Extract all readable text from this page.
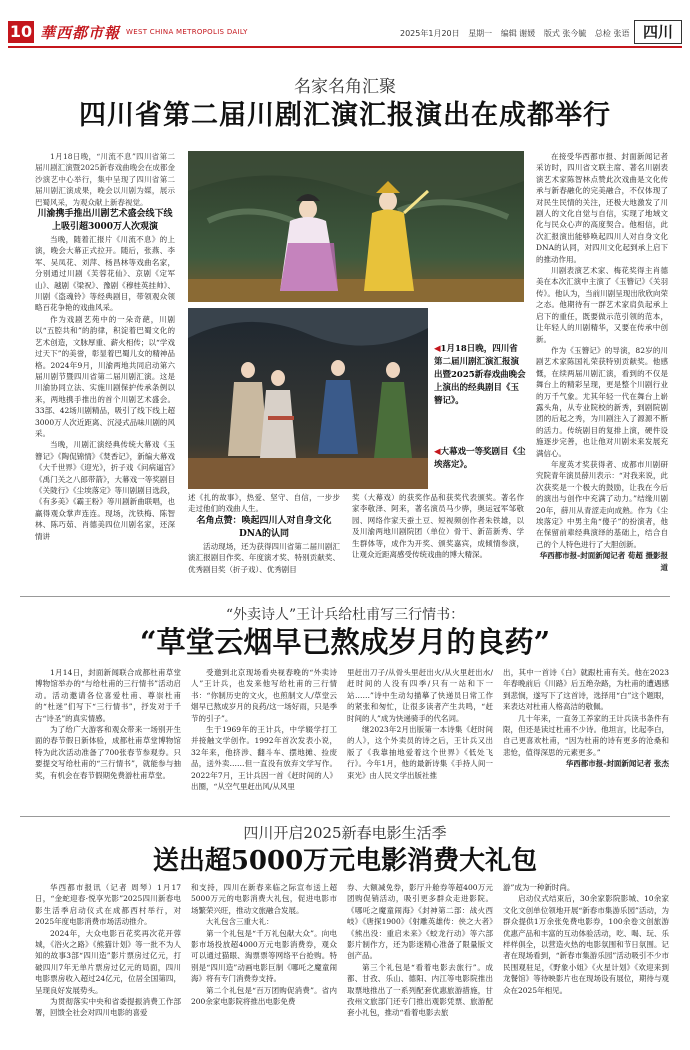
10 華西都市報 WEST CHINA METROPOLIS DAILY	2025年1月20日 星期一 编辑 谢媛 版式 张今毓 总检 张语 四川
名家名角汇聚
四川省第二届川剧汇演汇报演出在成都举行

1月18日晚，“川流不息”四川省第二届川剧汇演暨2025新春戏曲晚会在成都金沙演艺中心举行，集中呈现了四川省第二届川剧汇演成果，晚会以川剧为媒，展示巴蜀风采，为观众献上新春视觉。

川渝携手推出川剧艺术盛会线下线上吸引超3000万人次观演

当晚，随着汇报片《川流不息》的上演，晚会大幕正式拉开。随后，张燕、李军、吴凤花、刘萍、杨昌林等戏曲名家，分别通过川剧《芙蓉花仙》、京剧《定军山》、越剧《梁祝》、豫剧《穆桂英挂帅》、川剧《盗魂铃》等经典剧目，带领观众领略百花争艳的戏曲风采。

作为戏剧艺苑中的一朵奇葩，川剧以“五腔共和”的韵律，积淀着巴蜀文化的艺术创造，文脉厚重、薪火相传；以“学戏过天下”的美誉，彰显着巴蜀儿女的精神品格。2024年9月，川渝两地共同启动第六届川剧节暨四川省第二届川剧汇演。这是川渝协同立法、实施川剧保护传承条例以来，两地携手推出的首个川剧艺术盛会。33部、42场川剧精品，吸引了线下线上超3000万人次近距离、沉浸式品味川剧的风采。

当晚，川剧汇演经典传统大幕戏《玉簪记》《陶侃锦情》《焚香记》，新编大幕戏《大千世界》《迎光》，折子戏《问病逼宫》《禹门关之八郎带箭》，大幕戏一等奖剧目《关陇行》《尘埃落定》等川剧剧目选段，《有多美》《霸王粉》等川剧新曲联唱，也赢得观众掌声连连。现场，沈铁梅、陈智林、陈巧茹、肖德美四位川剧名家，还深情讲

◀1月18日晚，四川省第二届川剧汇演汇报演出暨2025新春戏曲晚会上演出的经典剧目《玉簪记》。
◀大幕戏一等奖剧目《尘埃落定》。

述《扎的故事》，热爱、坚守、自信，一步步走过他们的戏曲人生。

名角点赞：唤起四川人对自身文化DNA的认同

活动现场，还为获得四川省第二届川剧汇演汇报剧目作奖、年度演才奖、特别贡献奖、优秀剧目奖（折子戏）、优秀剧目

奖（大幕戏）的获奖作品和获奖代表颁奖。著名作家李敬泽、阿来，著名演员马少骅，奥运冠军邹敬园、网络作家天蚕土豆、短视频创作者朱铁雄，以及川渝两地川剧院团（单位）骨干、新苗新秀、学生群体等，成作为开奖、颁奖嘉宾，成倾情参演，让观众近距离感受传统戏曲的博大精深。

在接受华西都市报、封面新闻记者采访时，四川省文联主席、著名川剧表演艺术家陈智林点赞此次戏曲是文化传承与新春融化的完美融合，不仅体现了对民生民情的关注，还极大地激发了川剧人的文化自觉与自信，实现了地域文化与民众心声的高度契合。他相信，此次汇报演出能够唤起四川人对自身文化DNA的认同，对四川文化起到承上启下的推动作用。

川剧表演艺术家、梅花奖得主肖德美在本次汇演中主演了《玉簪记》《关羽传》。他认为，当前川剧呈现出欣欣向荣之态。他期待有一群艺术家肩负起承上启下的重任，既要做示范引领的范本，让年轻人的川剧精华，又要在传承中创新。

作为《玉簪记》的导演，82岁的川剧艺术家陈国礼荣获特别贡献奖。他感慨，在续两届川剧汇演，看到的不仅是舞台上的精彩呈现，更是整个川剧行业的万千气象。尤其年轻一代在舞台上崭露头角，从专业院校的新秀，到剧院剧团的后起之秀，为川剧注入了源源不断的活力。传统剧目的复排上演，硬件设施逐步完善，也让他对川剧未来发展充满信心。

年度英才奖获得者、成都市川剧研究院青年演员薛川表示：“对我来说，此次获奖是一个极大的鼓励，让我在今后的演出与创作中充满了动力。”结缘川剧20年，薛川从青涩走向成熟。作为《尘埃落定》中男主角“傻子”的扮演者，他在保留前辈经典演绎的基础上，结合自己的个人特色进行了大胆创新。

华西都市报-封面新闻记者 荀超 摄影报道

“外卖诗人”王计兵给杜甫写三行情书：
“草堂云烟早已熬成岁月的良药”

1月14日，封面新闻联合成都杜甫草堂博物馆举办的“与给杜甫的三行情书”活动启动。活动邀请各位喜爱杜甫、尊崇杜甫的“杜迷”们写下“三行情书”，抒发对于千古“诗圣”的真实情感。

为了给广大游客和观众带来一场别开生面的春节假日新体验，成都杜甫草堂博物馆特为此次活动准备了700张春节参观券。只要提交写给杜甫的“三行情书”，就能参与抽奖，有机会在春节假期免费游杜甫草堂。

受邀到北京现场看央视春晚的“外卖诗人”王计兵，也发来他写给杜甫的三行情书：“你制历史的文火，也煎制文人/草堂云烟早已熬成岁月的良药/这一场好雨，只是季节的引子”。

生于1969年的王计兵，中学辍学打工并接触文学创作。1992年首次发表小说，32年来，他挤涉、翻斗车、摆地摊、捡废品，送外卖……但一直没有放弃文学写作。2022年7月，王计兵因一首《赶时间的人》出圈，“从空气里赶出风/从风里

里赶出刀子/从骨头里赶出火/从火里赶出水/赶时间的人没有四季/只有一站和下一站……”诗中生动勾描摹了快递员日常工作的紧张和匆忙，让很多读者产生共鸣，“赶时间的人”成为快递骑手的代名词。

继2023年2月出版第一本诗集《赶时间的人》，这个外卖员的诗之后，王计兵又出版了《我靠抽地爱着这个世界》《低处飞行》。今年1月，他的最新诗集《手持人间一束光》由人民文学出版社推

出，其中一首诗《白》就跟杜甫有关。他在2023年春晚前后《川路》后五绝杂路，为杜甫的遭遇感到悲悯，遂写下了这首诗，选择用“白”这个题眼，来表达对杜甫人格高洁的敬佩。

几十年来，一直务工养家的王计兵读书条件有限，但还是读过杜甫不少诗。他坦言，比起李白，自己更喜欢杜甫，“因为杜甫的诗有更多的沧桑和悲怆，值得深思的元素更多。”

华西都市报-封面新闻记者 张杰

四川开启2025新春电影生活季
送出超5000万元电影消费大礼包

华西都市报讯（记者 周琴）1月17日，“金蛇迎春·悦享光影”2025四川新春电影生活季启动仪式在成都西村举行，对2025年度电影消费市场活动推介。

2024年，大众电影百花奖再次花开蓉城，《浴火之路》《熊猫计划》等一批不为人知的故事3部“四川造”影片票房过亿元，打破四川7年无单片票房过亿元的局面，四川电影票房收入超过24亿元，位居全国第四，呈现良好发展势头。

为贯彻落实中央和省委提振消费工作部署，回馈全社会对四川电影的喜爱

和支持，四川在新春来临之际宣布送上超5000万元的电影消费大礼包，促进电影市场繁荣兴旺，推动文旅融合发展。

大礼包含三重大礼：

第一个礼包是“千万礼包献大众”。向电影市场投放超4000万元电影消费券，观众可以通过猫眼、淘票票等网络平台抢购。特别是“四川造”动画电影巨制《哪吒之魔童闹海》将有专门消费券支持。

第二个礼包是“百万团购促消费”。省内200余家电影院将推出电影免费

券、大额减免券，影厅升舱券等超400万元团购促销活动，吸引更多群众走进影院。《哪吒之魔童闹海》《封神第二部：战火西岐》《唐探1900》《射雕英雄传：侠之大者》《熊出没：重启未来》《蛟龙行动》等六部影片制作方，还为影迷精心准备了限量版文创产品。

第三个礼包是“看着电影去旅行”。成都、甘孜、乐山、德阳、内江等电影院推出取票地推出了一系列配套优惠旅游措施，甘孜州文旅部门还专门推出观影凭票、旅游配套小礼包，推动“看着电影去旅

游”成为一种新时尚。

启动仪式结束后，30余家影院影城、10余家文化文创单位领地开展“新春市集游乐园”活动，为群众提供1万余张免费电影券，100余卷文创旅游优惠产品和丰富的互动体验活动，吃、喝、玩、乐样样俱全，以营造火热的电影氛围和节日氛围。记者在现场看到，“新春市集游乐园”活动吸引不少市民围观驻足，《野象小姐》《火星计划》《欢迎来到龙餐馆》等待映影片也在现场设有展位，期待与观众在2025年相见。
